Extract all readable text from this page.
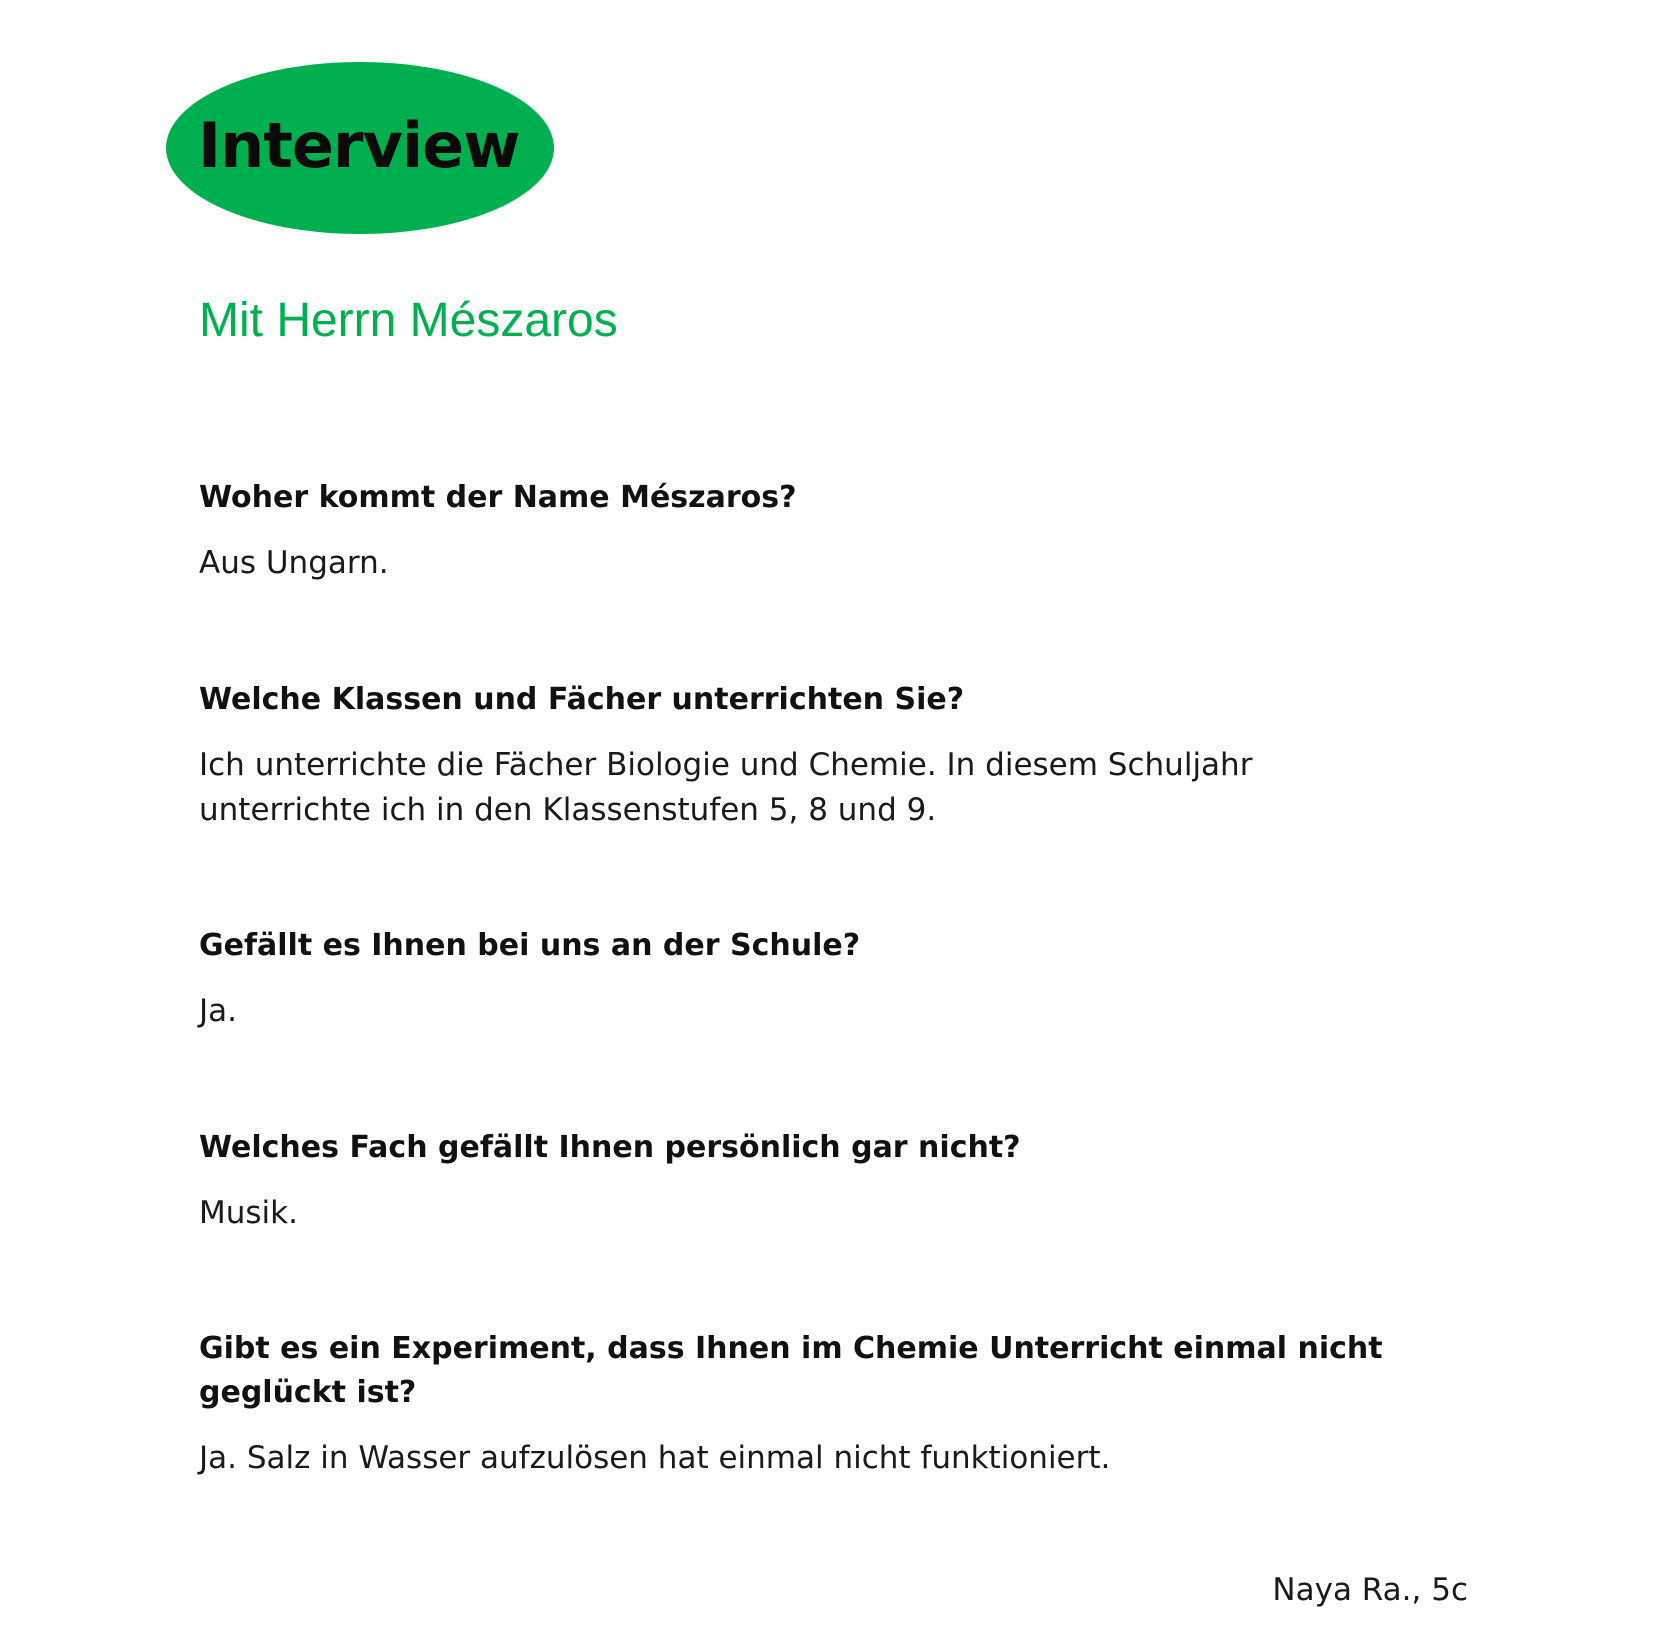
Interview
Mit Herrn Mészaros

Woher kommt der Name Mészaros?

Aus Ungarn.

Welche Klassen und Fächer unterrichten Sie?

Ich unterrichte die Fächer Biologie und Chemie. In diesem Schuljahr
unterrichte ich in den Klassenstufen 5, 8 und 9.

Gefällt es Ihnen bei uns an der Schule?

Ja.

Welches Fach gefällt Ihnen persönlich gar nicht?

Musik.

Gibt es ein Experiment, dass Ihnen im Chemie Unterricht einmal nicht
geglückt ist?

Ja. Salz in Wasser aufzulösen hat einmal nicht funktioniert.

Naya Ra., 5c
